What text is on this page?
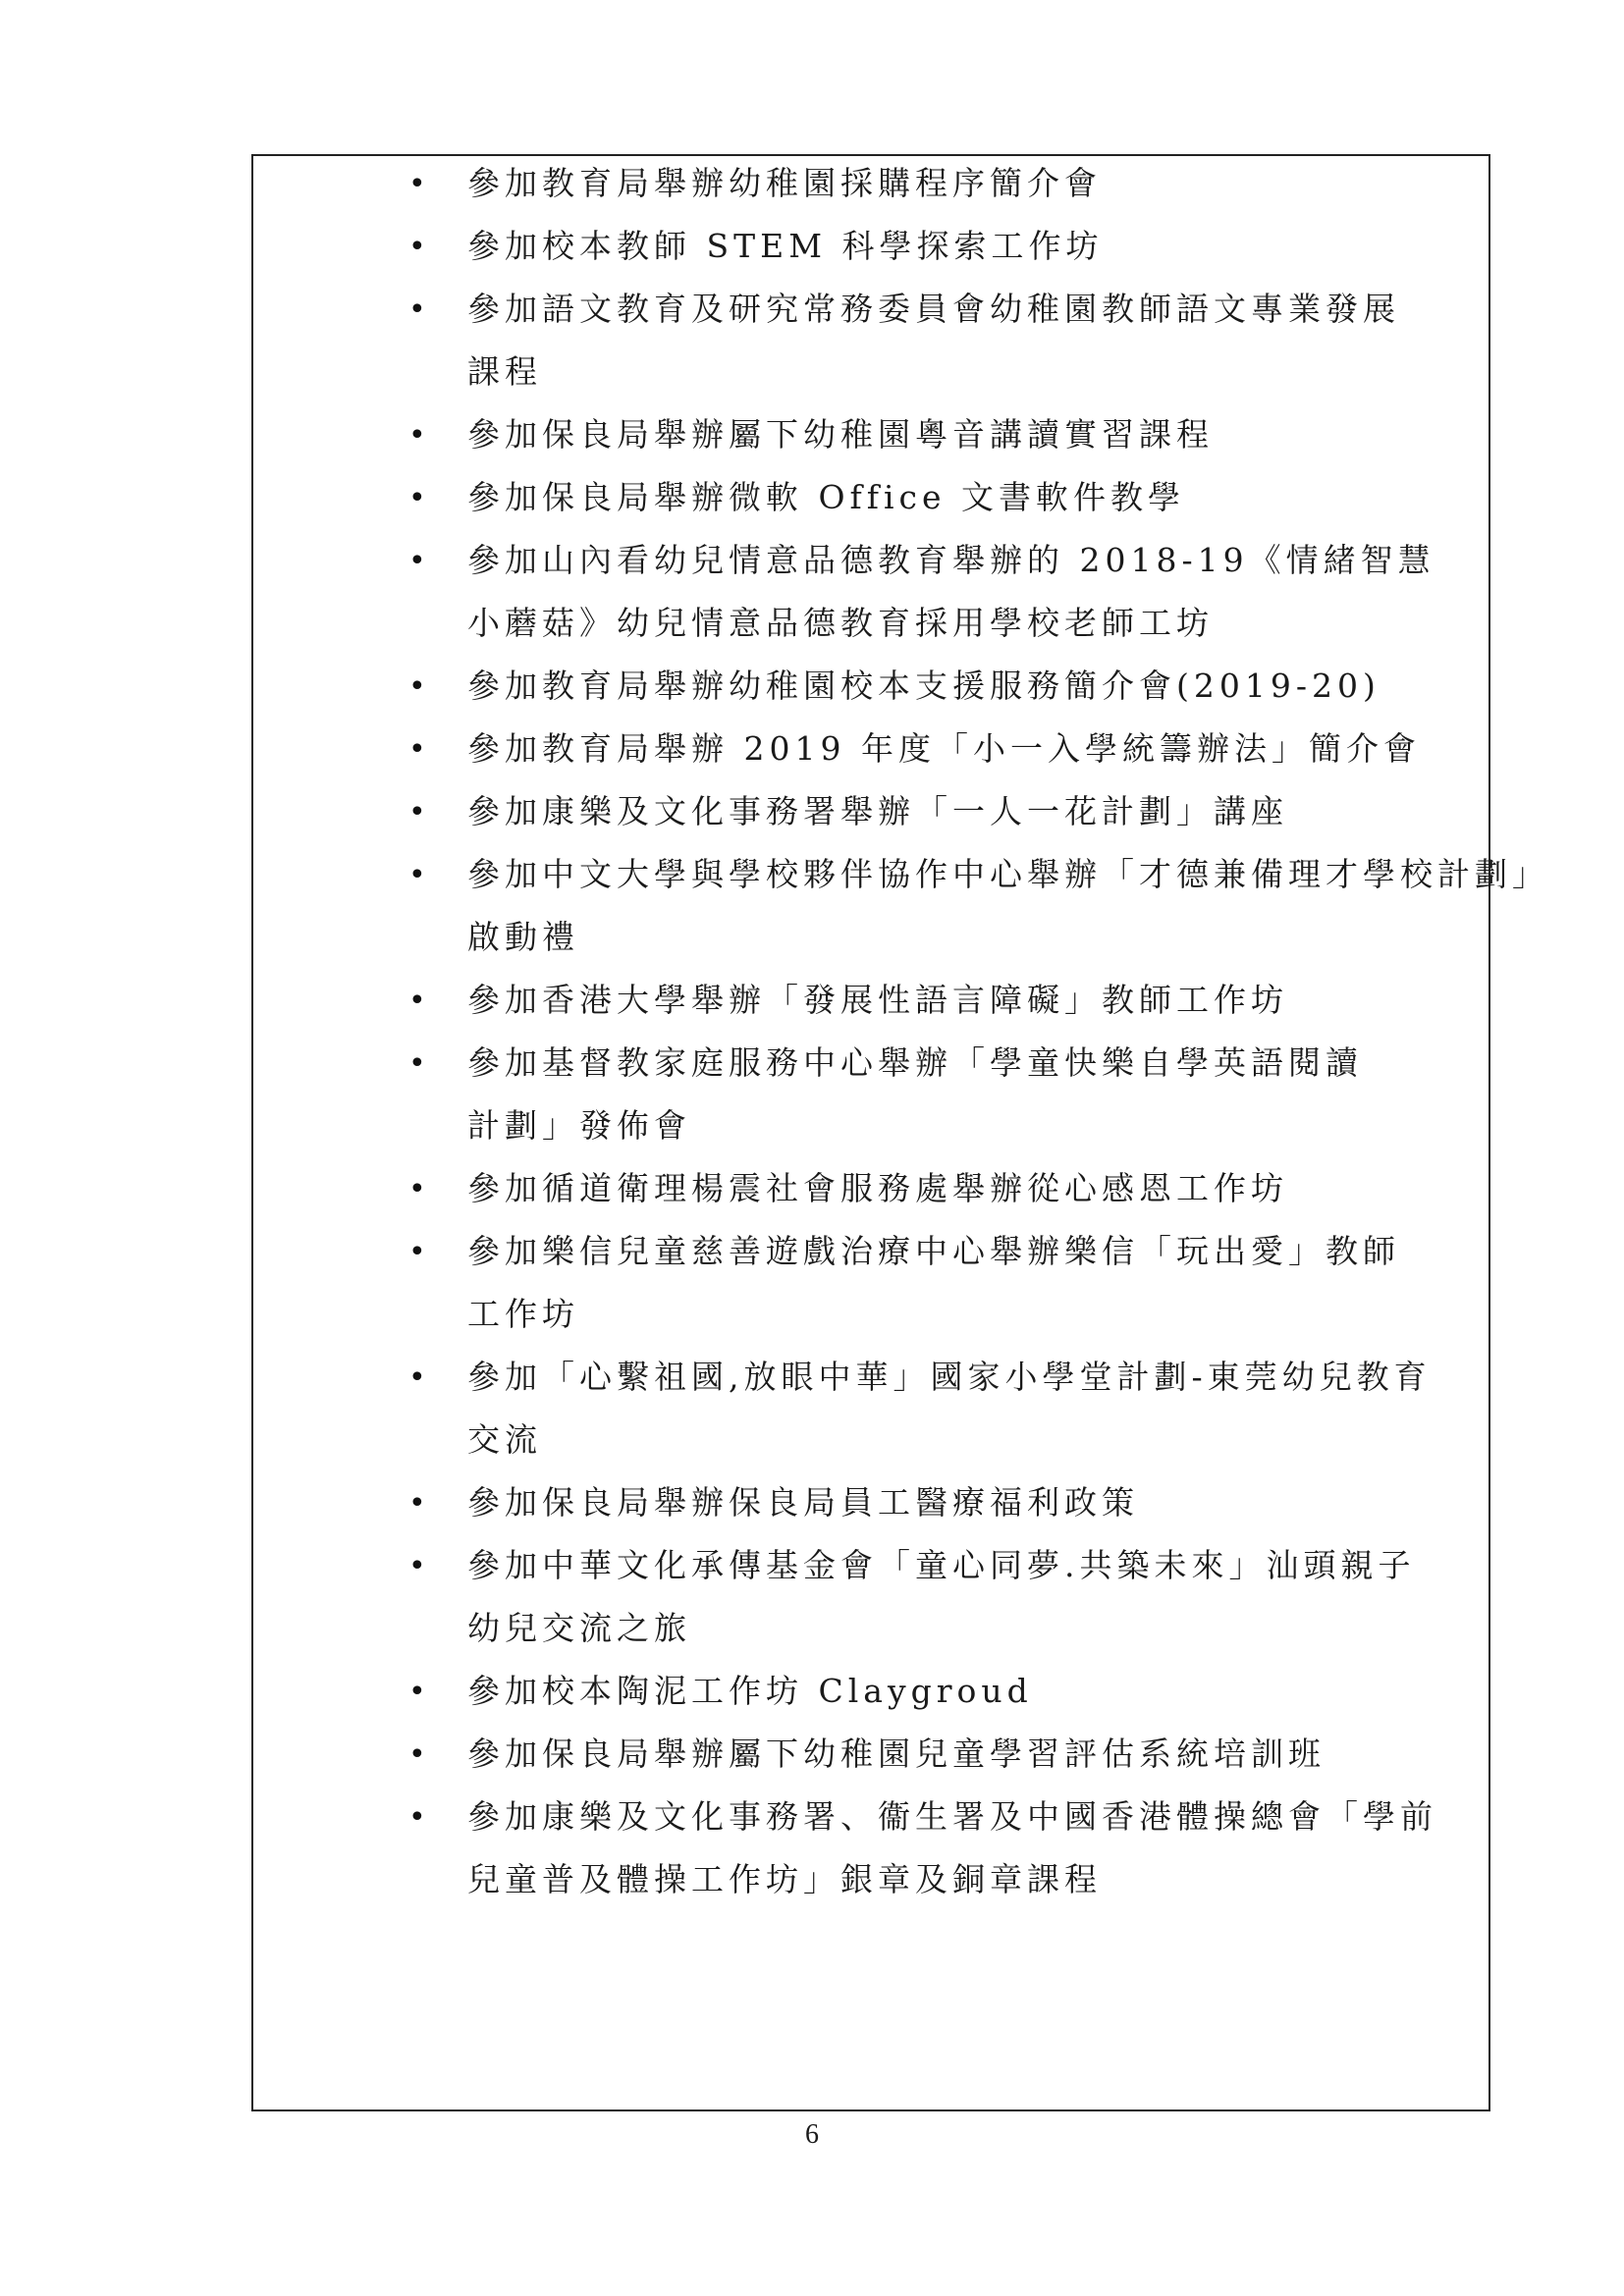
• 參加教育局舉辦幼稚園採購程序簡介會
• 參加校本教師 STEM 科學探索工作坊
• 參加語文教育及研究常務委員會幼稚園教師語文專業發展
課程
• 參加保良局舉辦屬下幼稚園粵音講讀實習課程
• 參加保良局舉辦微軟 Office 文書軟件教學
• 參加山內看幼兒情意品德教育舉辦的 2018-19《情緒智慧
小蘑菇》幼兒情意品德教育採用學校老師工坊
• 參加教育局舉辦幼稚園校本支援服務簡介會(2019-20)
• 參加教育局舉辦 2019 年度「小一入學統籌辦法」簡介會
• 參加康樂及文化事務署舉辦「一人一花計劃」講座
• 參加中文大學與學校夥伴協作中心舉辦「才德兼備理才學校計劃」
啟動禮
• 參加香港大學舉辦「發展性語言障礙」教師工作坊
• 參加基督教家庭服務中心舉辦「學童快樂自學英語閱讀
計劃」發佈會
• 參加循道衛理楊震社會服務處舉辦從心感恩工作坊
• 參加樂信兒童慈善遊戲治療中心舉辦樂信「玩出愛」教師
工作坊
• 參加「心繫祖國,放眼中華」國家小學堂計劃-東莞幼兒教育
交流
• 參加保良局舉辦保良局員工醫療福利政策
• 參加中華文化承傳基金會「童心同夢.共築未來」汕頭親子
幼兒交流之旅
• 參加校本陶泥工作坊 Claygroud
• 參加保良局舉辦屬下幼稚園兒童學習評估系統培訓班
• 參加康樂及文化事務署、衞生署及中國香港體操總會「學前
兒童普及體操工作坊」銀章及銅章課程
6
